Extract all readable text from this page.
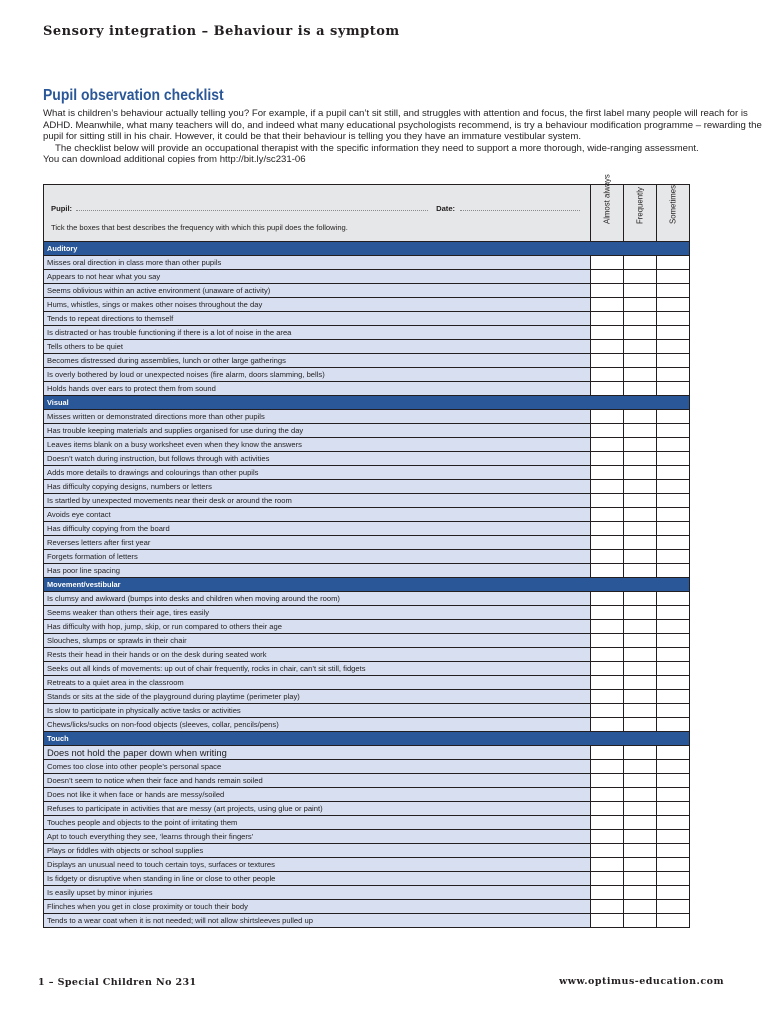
Sensory integration – Behaviour is a symptom
Pupil observation checklist

What is children’s behaviour actually telling you? For example, if a pupil can’t sit still, and struggles with attention and focus, the first label many people will reach for is

ADHD. Meanwhile, what many teachers will do, and indeed what many educational psychologists recommend, is try a behaviour modification programme – rewarding the

pupil for sitting still in his chair. However, it could be that their behaviour is telling you they have an immature vestibular system.

The checklist below will provide an occupational therapist with the specific information they need to support a more thorough, wide-ranging assessment.

You can download additional copies from http://bit.ly/sc231-06

Pupil: Date:
Tick the boxes that best describes the frequency with which this pupil does the following.	Almost always	Frequently	Sometimes

Auditory			
Misses oral direction in class more than other pupils			
Appears to not hear what you say			
Seems oblivious within an active environment (unaware of activity)			
Hums, whistles, sings or makes other noises throughout the day			
Tends to repeat directions to themself			
Is distracted or has trouble functioning if there is a lot of noise in the area			
Tells others to be quiet			
Becomes distressed during assemblies, lunch or other large gatherings			
Is overly bothered by loud or unexpected noises (fire alarm, doors slamming, bells)			
Holds hands over ears to protect them from sound			
Visual			
Misses written or demonstrated directions more than other pupils			
Has trouble keeping materials and supplies organised for use during the day			
Leaves items blank on a busy worksheet even when they know the answers			
Doesn’t watch during instruction, but follows through with activities			
Adds more details to drawings and colourings than other pupils			
Has difficulty copying designs, numbers or letters			
Is startled by unexpected movements near their desk or around the room			
Avoids eye contact			
Has difficulty copying from the board			
Reverses letters after first year			
Forgets formation of letters			
Has poor line spacing			
Movement/vestibular			
Is clumsy and awkward (bumps into desks and children when moving around the room)			
Seems weaker than others their age, tires easily			
Has difficulty with hop, jump, skip, or run compared to others their age			
Slouches, slumps or sprawls in their chair			
Rests their head in their hands or on the desk during seated work			
Seeks out all kinds of movements: up out of chair frequently, rocks in chair, can’t sit still, fidgets			
Retreats to a quiet area in the classroom			
Stands or sits at the side of the playground during playtime (perimeter play)			
Is slow to participate in physically active tasks or activities			
Chews/licks/sucks on non-food objects (sleeves, collar, pencils/pens)			
Touch			
Does not hold the paper down when writing			
Comes too close into other people’s personal space			
Doesn’t seem to notice when their face and hands remain soiled			
Does not like it when face or hands are messy/soiled			
Refuses to participate in activities that are messy (art projects, using glue or paint)			
Touches people and objects to the point of irritating them			
Apt to touch everything they see, ‘learns through their fingers’			
Plays or fiddles with objects or school supplies			
Displays an unusual need to touch certain toys, surfaces or textures			
Is fidgety or disruptive when standing in line or close to other people			
Is easily upset by minor injuries			
Flinches when you get in close proximity or touch their body			
Tends to a wear coat when it is not needed; will not allow shirtsleeves pulled up			
1 – Special Children No 231	www.optimus-education.com
